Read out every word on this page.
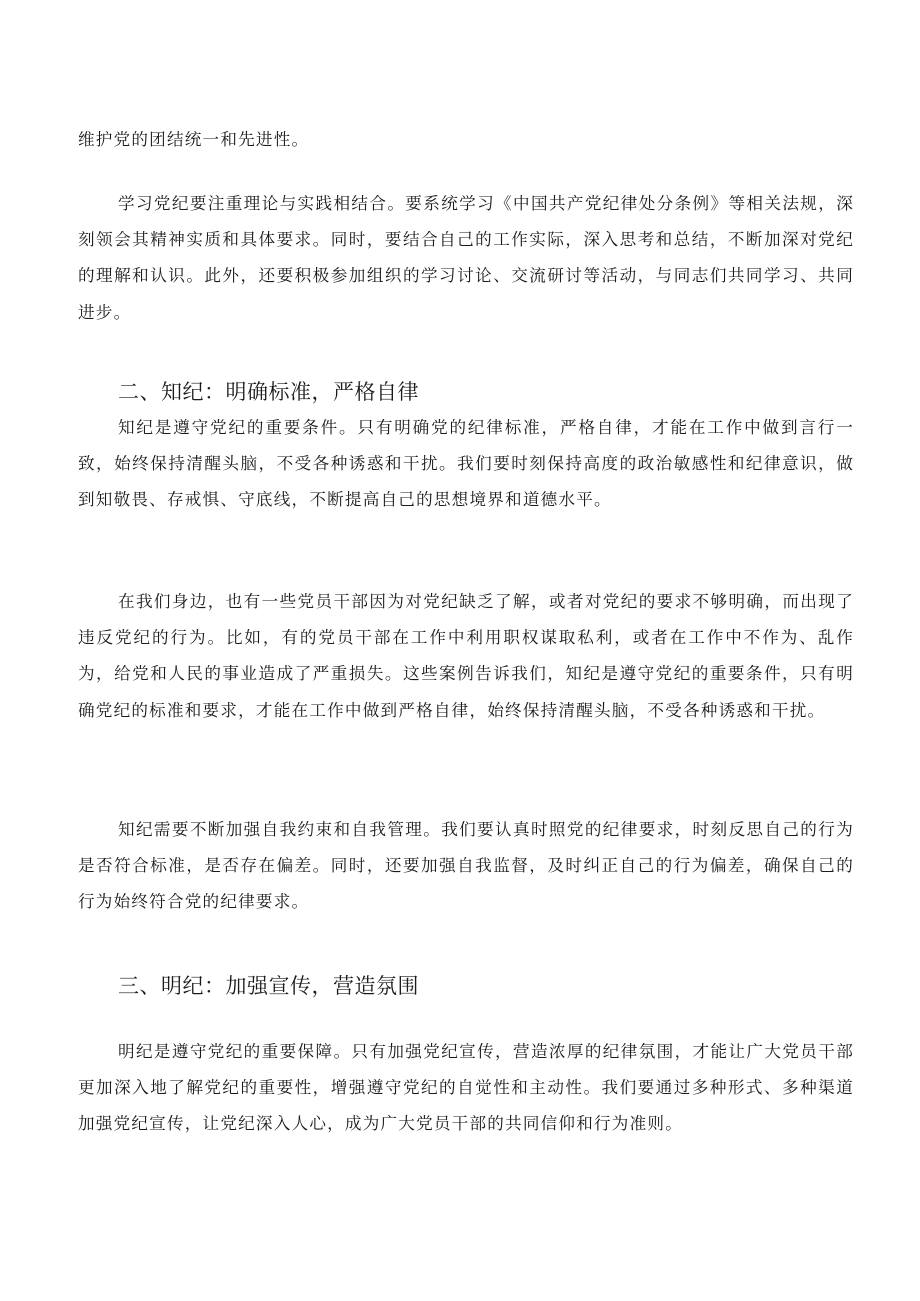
维护党的团结统一和先进性。

学习党纪要注重理论与实践相结合。要系统学习《中国共产党纪律处分条例》等相关法规，深刻领会其精神实质和具体要求。同时，要结合自己的工作实际，深入思考和总结，不断加深对党纪的理解和认识。此外，还要积极参加组织的学习讨论、交流研讨等活动，与同志们共同学习、共同进步。

二、知纪：明确标准，严格自律

知纪是遵守党纪的重要条件。只有明确党的纪律标准，严格自律，才能在工作中做到言行一致，始终保持清醒头脑，不受各种诱惑和干扰。我们要时刻保持高度的政治敏感性和纪律意识，做到知敬畏、存戒惧、守底线，不断提高自己的思想境界和道德水平。

在我们身边，也有一些党员干部因为对党纪缺乏了解，或者对党纪的要求不够明确，而出现了违反党纪的行为。比如，有的党员干部在工作中利用职权谋取私利，或者在工作中不作为、乱作为，给党和人民的事业造成了严重损失。这些案例告诉我们，知纪是遵守党纪的重要条件，只有明确党纪的标准和要求，才能在工作中做到严格自律，始终保持清醒头脑，不受各种诱惑和干扰。

知纪需要不断加强自我约束和自我管理。我们要认真时照党的纪律要求，时刻反思自己的行为是否符合标准，是否存在偏差。同时，还要加强自我监督，及时纠正自己的行为偏差，确保自己的行为始终符合党的纪律要求。

三、明纪：加强宣传，营造氛围

明纪是遵守党纪的重要保障。只有加强党纪宣传，营造浓厚的纪律氛围，才能让广大党员干部更加深入地了解党纪的重要性，增强遵守党纪的自觉性和主动性。我们要通过多种形式、多种渠道加强党纪宣传，让党纪深入人心，成为广大党员干部的共同信仰和行为准则。
